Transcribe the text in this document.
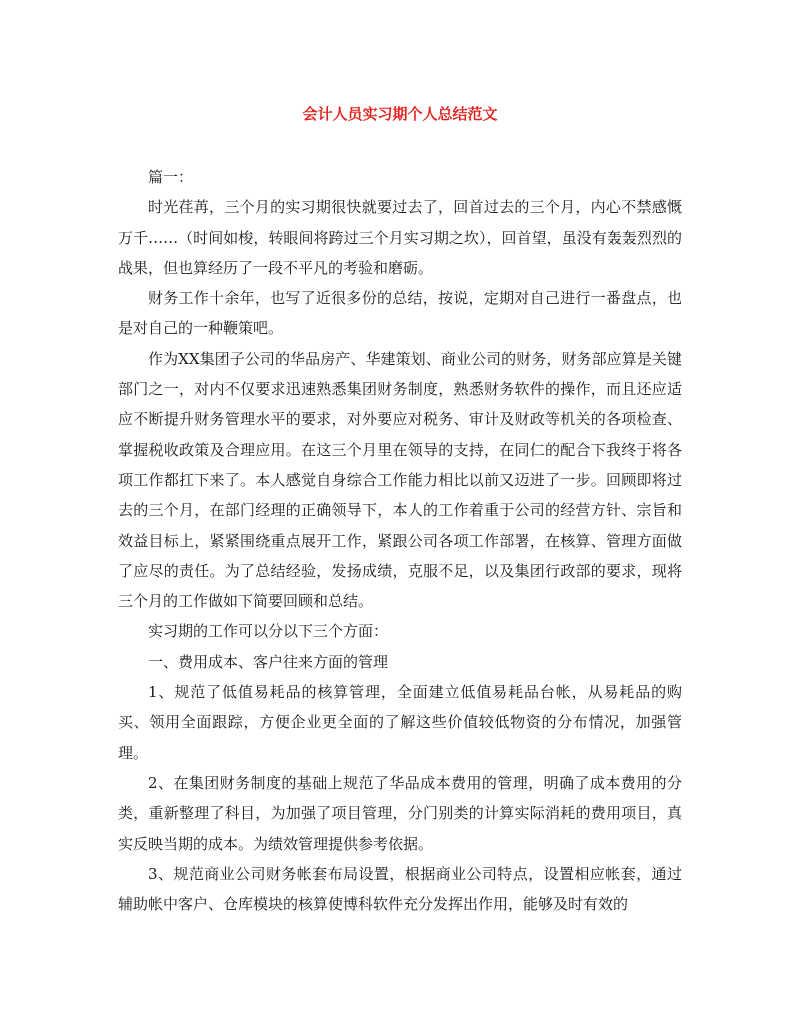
会计人员实习期个人总结范文

篇一：

时光荏苒，三个月的实习期很快就要过去了，回首过去的三个月，内心不禁感慨万千……（时间如梭，转眼间将跨过三个月实习期之坎），回首望，虽没有轰轰烈烈的战果，但也算经历了一段不平凡的考验和磨砺。

财务工作十余年，也写了近很多份的总结，按说，定期对自己进行一番盘点，也是对自己的一种鞭策吧。

作为XX集团子公司的华品房产、华建策划、商业公司的财务，财务部应算是关键部门之一，对内不仅要求迅速熟悉集团财务制度，熟悉财务软件的操作，而且还应适应不断提升财务管理水平的要求，对外要应对税务、审计及财政等机关的各项检查、掌握税收政策及合理应用。在这三个月里在领导的支持，在同仁的配合下我终于将各项工作都扛下来了。本人感觉自身综合工作能力相比以前又迈进了一步。回顾即将过去的三个月，在部门经理的正确领导下，本人的工作着重于公司的经营方针、宗旨和效益目标上，紧紧围绕重点展开工作，紧跟公司各项工作部署，在核算、管理方面做了应尽的责任。为了总结经验，发扬成绩，克服不足，以及集团行政部的要求，现将三个月的工作做如下简要回顾和总结。

实习期的工作可以分以下三个方面：

一、费用成本、客户往来方面的管理

1、规范了低值易耗品的核算管理，全面建立低值易耗品台帐，从易耗品的购买、领用全面跟踪，方便企业更全面的了解这些价值较低物资的分布情况，加强管理。

2、在集团财务制度的基础上规范了华品成本费用的管理，明确了成本费用的分类，重新整理了科目，为加强了项目管理，分门别类的计算实际消耗的费用项目，真实反映当期的成本。为绩效管理提供参考依据。

3、规范商业公司财务帐套布局设置，根据商业公司特点，设置相应帐套，通过辅助帐中客户、仓库模块的核算使博科软件充分发挥出作用，能够及时有效的
